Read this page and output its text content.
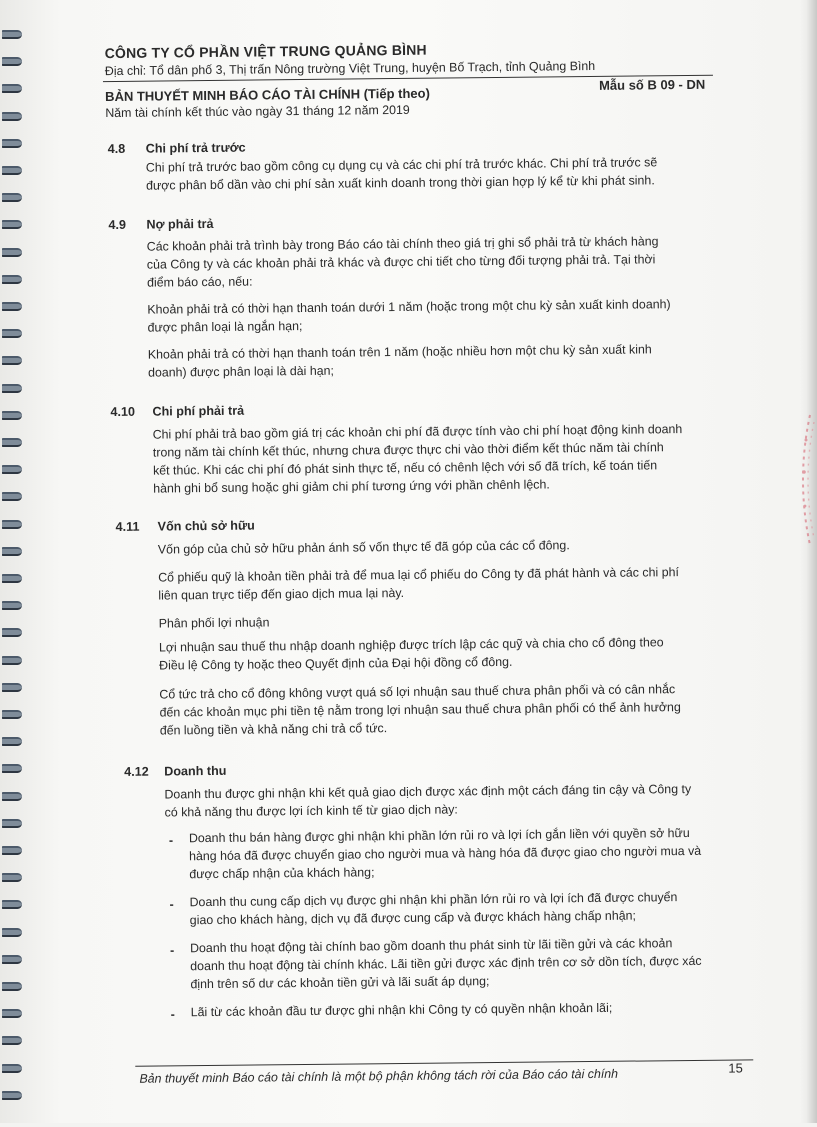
CÔNG TY CỔ PHẦN VIỆT TRUNG QUẢNG BÌNH
Địa chỉ: Tổ dân phố 3, Thị trấn Nông trường Việt Trung, huyện Bố Trạch, tỉnh Quảng Bình
BẢN THUYẾT MINH BÁO CÁO TÀI CHÍNH (Tiếp theo)
Mẫu số B 09 - DN
Năm tài chính kết thúc vào ngày 31 tháng 12 năm 2019
4.8 Chi phí trả trước
Chi phí trả trước bao gồm công cụ dụng cụ và các chi phí trả trước khác. Chi phí trả trước sẽ
được phân bổ dần vào chi phí sản xuất kinh doanh trong thời gian hợp lý kể từ khi phát sinh.
4.9 Nợ phải trả
Các khoản phải trả trình bày trong Báo cáo tài chính theo giá trị ghi sổ phải trả từ khách hàng
của Công ty và các khoản phải trả khác và được chi tiết cho từng đối tượng phải trả. Tại thời
điểm báo cáo, nếu:
Khoản phải trả có thời hạn thanh toán dưới 1 năm (hoặc trong một chu kỳ sản xuất kinh doanh)
được phân loại là ngắn hạn;
Khoản phải trả có thời hạn thanh toán trên 1 năm (hoặc nhiều hơn một chu kỳ sản xuất kinh
doanh) được phân loại là dài hạn;
4.10 Chi phí phải trả
Chi phí phải trả bao gồm giá trị các khoản chi phí đã được tính vào chi phí hoạt động kinh doanh
trong năm tài chính kết thúc, nhưng chưa được thực chi vào thời điểm kết thúc năm tài chính
kết thúc. Khi các chi phí đó phát sinh thực tế, nếu có chênh lệch với số đã trích, kế toán tiến
hành ghi bổ sung hoặc ghi giảm chi phí tương ứng với phần chênh lệch.
4.11 Vốn chủ sở hữu
Vốn góp của chủ sở hữu phản ánh số vốn thực tế đã góp của các cổ đông.
Cổ phiếu quỹ là khoản tiền phải trả để mua lại cổ phiếu do Công ty đã phát hành và các chi phí
liên quan trực tiếp đến giao dịch mua lại này.
Phân phối lợi nhuận
Lợi nhuận sau thuế thu nhập doanh nghiệp được trích lập các quỹ và chia cho cổ đông theo
Điều lệ Công ty hoặc theo Quyết định của Đại hội đồng cổ đông.
Cổ tức trả cho cổ đông không vượt quá số lợi nhuận sau thuế chưa phân phối và có cân nhắc
đến các khoản mục phi tiền tệ nằm trong lợi nhuận sau thuế chưa phân phối có thể ảnh hưởng
đến luồng tiền và khả năng chi trả cổ tức.
4.12 Doanh thu
Doanh thu được ghi nhận khi kết quả giao dịch được xác định một cách đáng tin cậy và Công ty
có khả năng thu được lợi ích kinh tế từ giao dịch này:
- Doanh thu bán hàng được ghi nhận khi phần lớn rủi ro và lợi ích gắn liền với quyền sở hữu
hàng hóa đã được chuyển giao cho người mua và hàng hóa đã được giao cho người mua và
được chấp nhận của khách hàng;
- Doanh thu cung cấp dịch vụ được ghi nhận khi phần lớn rủi ro và lợi ích đã được chuyển
giao cho khách hàng, dịch vụ đã được cung cấp và được khách hàng chấp nhận;
- Doanh thu hoạt động tài chính bao gồm doanh thu phát sinh từ lãi tiền gửi và các khoản
doanh thu hoạt động tài chính khác. Lãi tiền gửi được xác định trên cơ sở dồn tích, được xác
định trên số dư các khoản tiền gửi và lãi suất áp dụng;
- Lãi từ các khoản đầu tư được ghi nhận khi Công ty có quyền nhận khoản lãi;
Bản thuyết minh Báo cáo tài chính là một bộ phận không tách rời của Báo cáo tài chính	15
